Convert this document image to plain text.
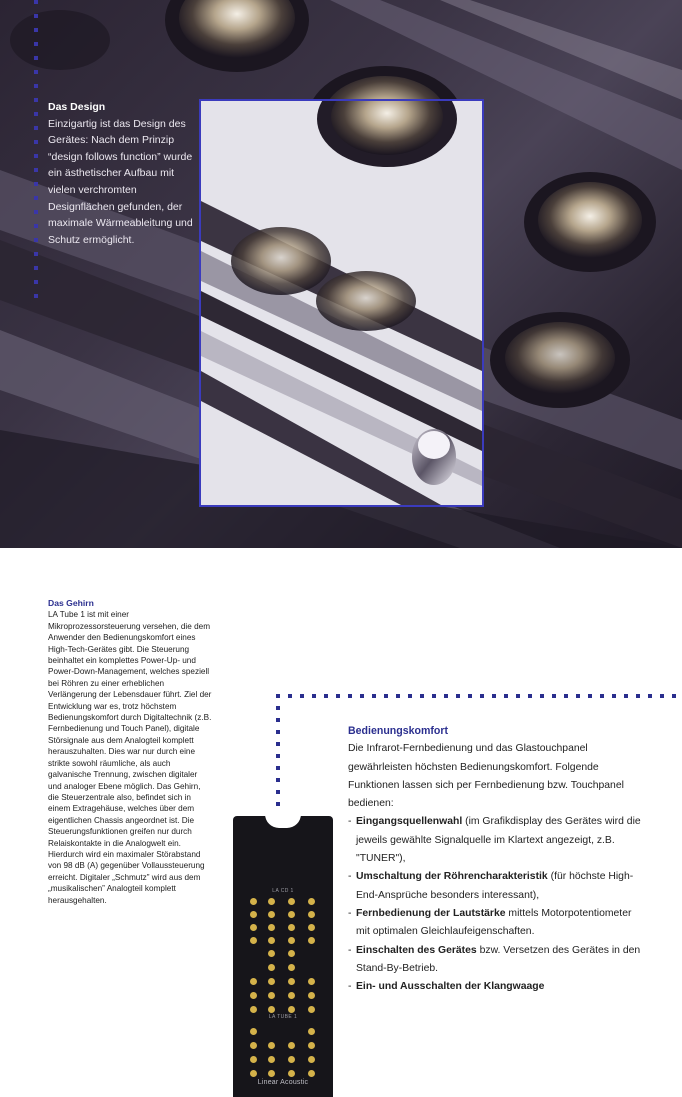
Das Design

Einzigartig ist das Design des Gerätes: Nach dem Prinzip “design follows function” wurde ein ästhetischer Aufbau mit vielen verchromten Designflächen gefunden, der maximale Wärmeableitung und Schutz ermöglicht.

Das Gehirn

LA Tube 1 ist mit einer Mikroprozessorsteuerung versehen, die dem Anwender den Bedienungskomfort eines High-Tech-Gerätes gibt. Die Steuerung beinhaltet ein komplettes Power-Up- und Power-Down-Management, welches speziell bei Röhren zu einer erheblichen Verlängerung der Lebensdauer führt. Ziel der Entwicklung war es, trotz höchstem Bedienungskomfort durch Digitaltechnik (z.B. Fernbedienung und Touch Panel), digitale Störsignale aus dem Analogteil komplett herauszuhalten. Dies war nur durch eine strikte sowohl räumliche, als auch galvanische Trennung, zwischen digitaler und analoger Ebene möglich. Das Gehirn, die Steuerzentrale also, befindet sich in einem Extragehäuse, welches über dem eigentlichen Chassis angeordnet ist. Die Steuerungsfunktionen greifen nur durch Relaiskontakte in die Analogwelt ein. Hierdurch wird ein maximaler Störabstand von 98 dB (A) gegenüber Vollaussteuerung erreicht. Digitaler „Schmutz” wird aus dem „musikalischen” Analogteil komplett herausgehalten.

Bedienungskomfort

Die Infrarot-Fernbedienung und das Glastouchpanel gewährleisten höchsten Bedienungskomfort. Folgende Funktionen lassen sich per Fernbedienung bzw. Touchpanel bedienen:

- Eingangsquellenwahl (im Grafikdisplay des Gerätes wird die jeweils gewählte Signalquelle im Klartext angezeigt, z.B. "TUNER"),
- Umschaltung der Röhrencharakteristik (für höchste High-End-Ansprüche besonders interessant),
- Fernbedienung der Lautstärke mittels Motorpotentiometer mit optimalen Gleichlaufeigenschaften.
- Einschalten des Gerätes bzw. Versetzen des Gerätes in den Stand-By-Betrieb.
- Ein- und Ausschalten der Klangwaage
LA CD 1
LA TUBE 1
Linear Acoustic
